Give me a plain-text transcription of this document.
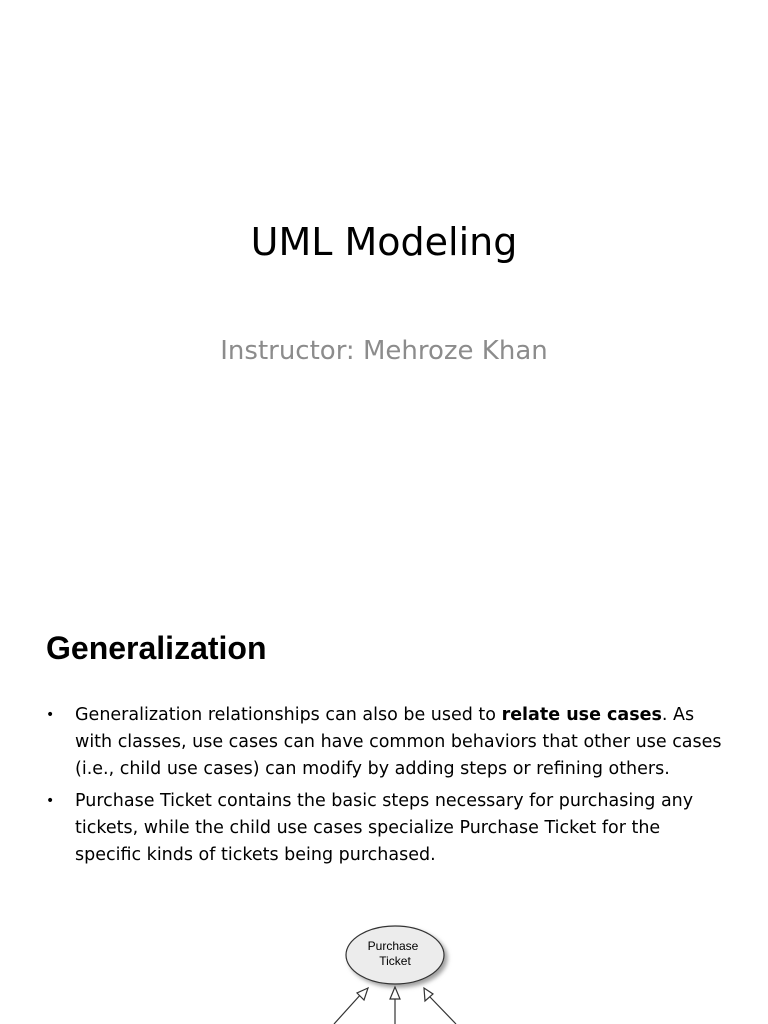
UML Modeling
Instructor: Mehroze Khan
Generalization
• Generalization relationships can also be used to relate use cases. As with classes, use cases can have common behaviors that other use cases (i.e., child use cases) can modify by adding steps or refining others.
• Purchase Ticket contains the basic steps necessary for purchasing any tickets, while the child use cases specialize Purchase Ticket for the specific kinds of tickets being purchased.
Purchase
Ticket
